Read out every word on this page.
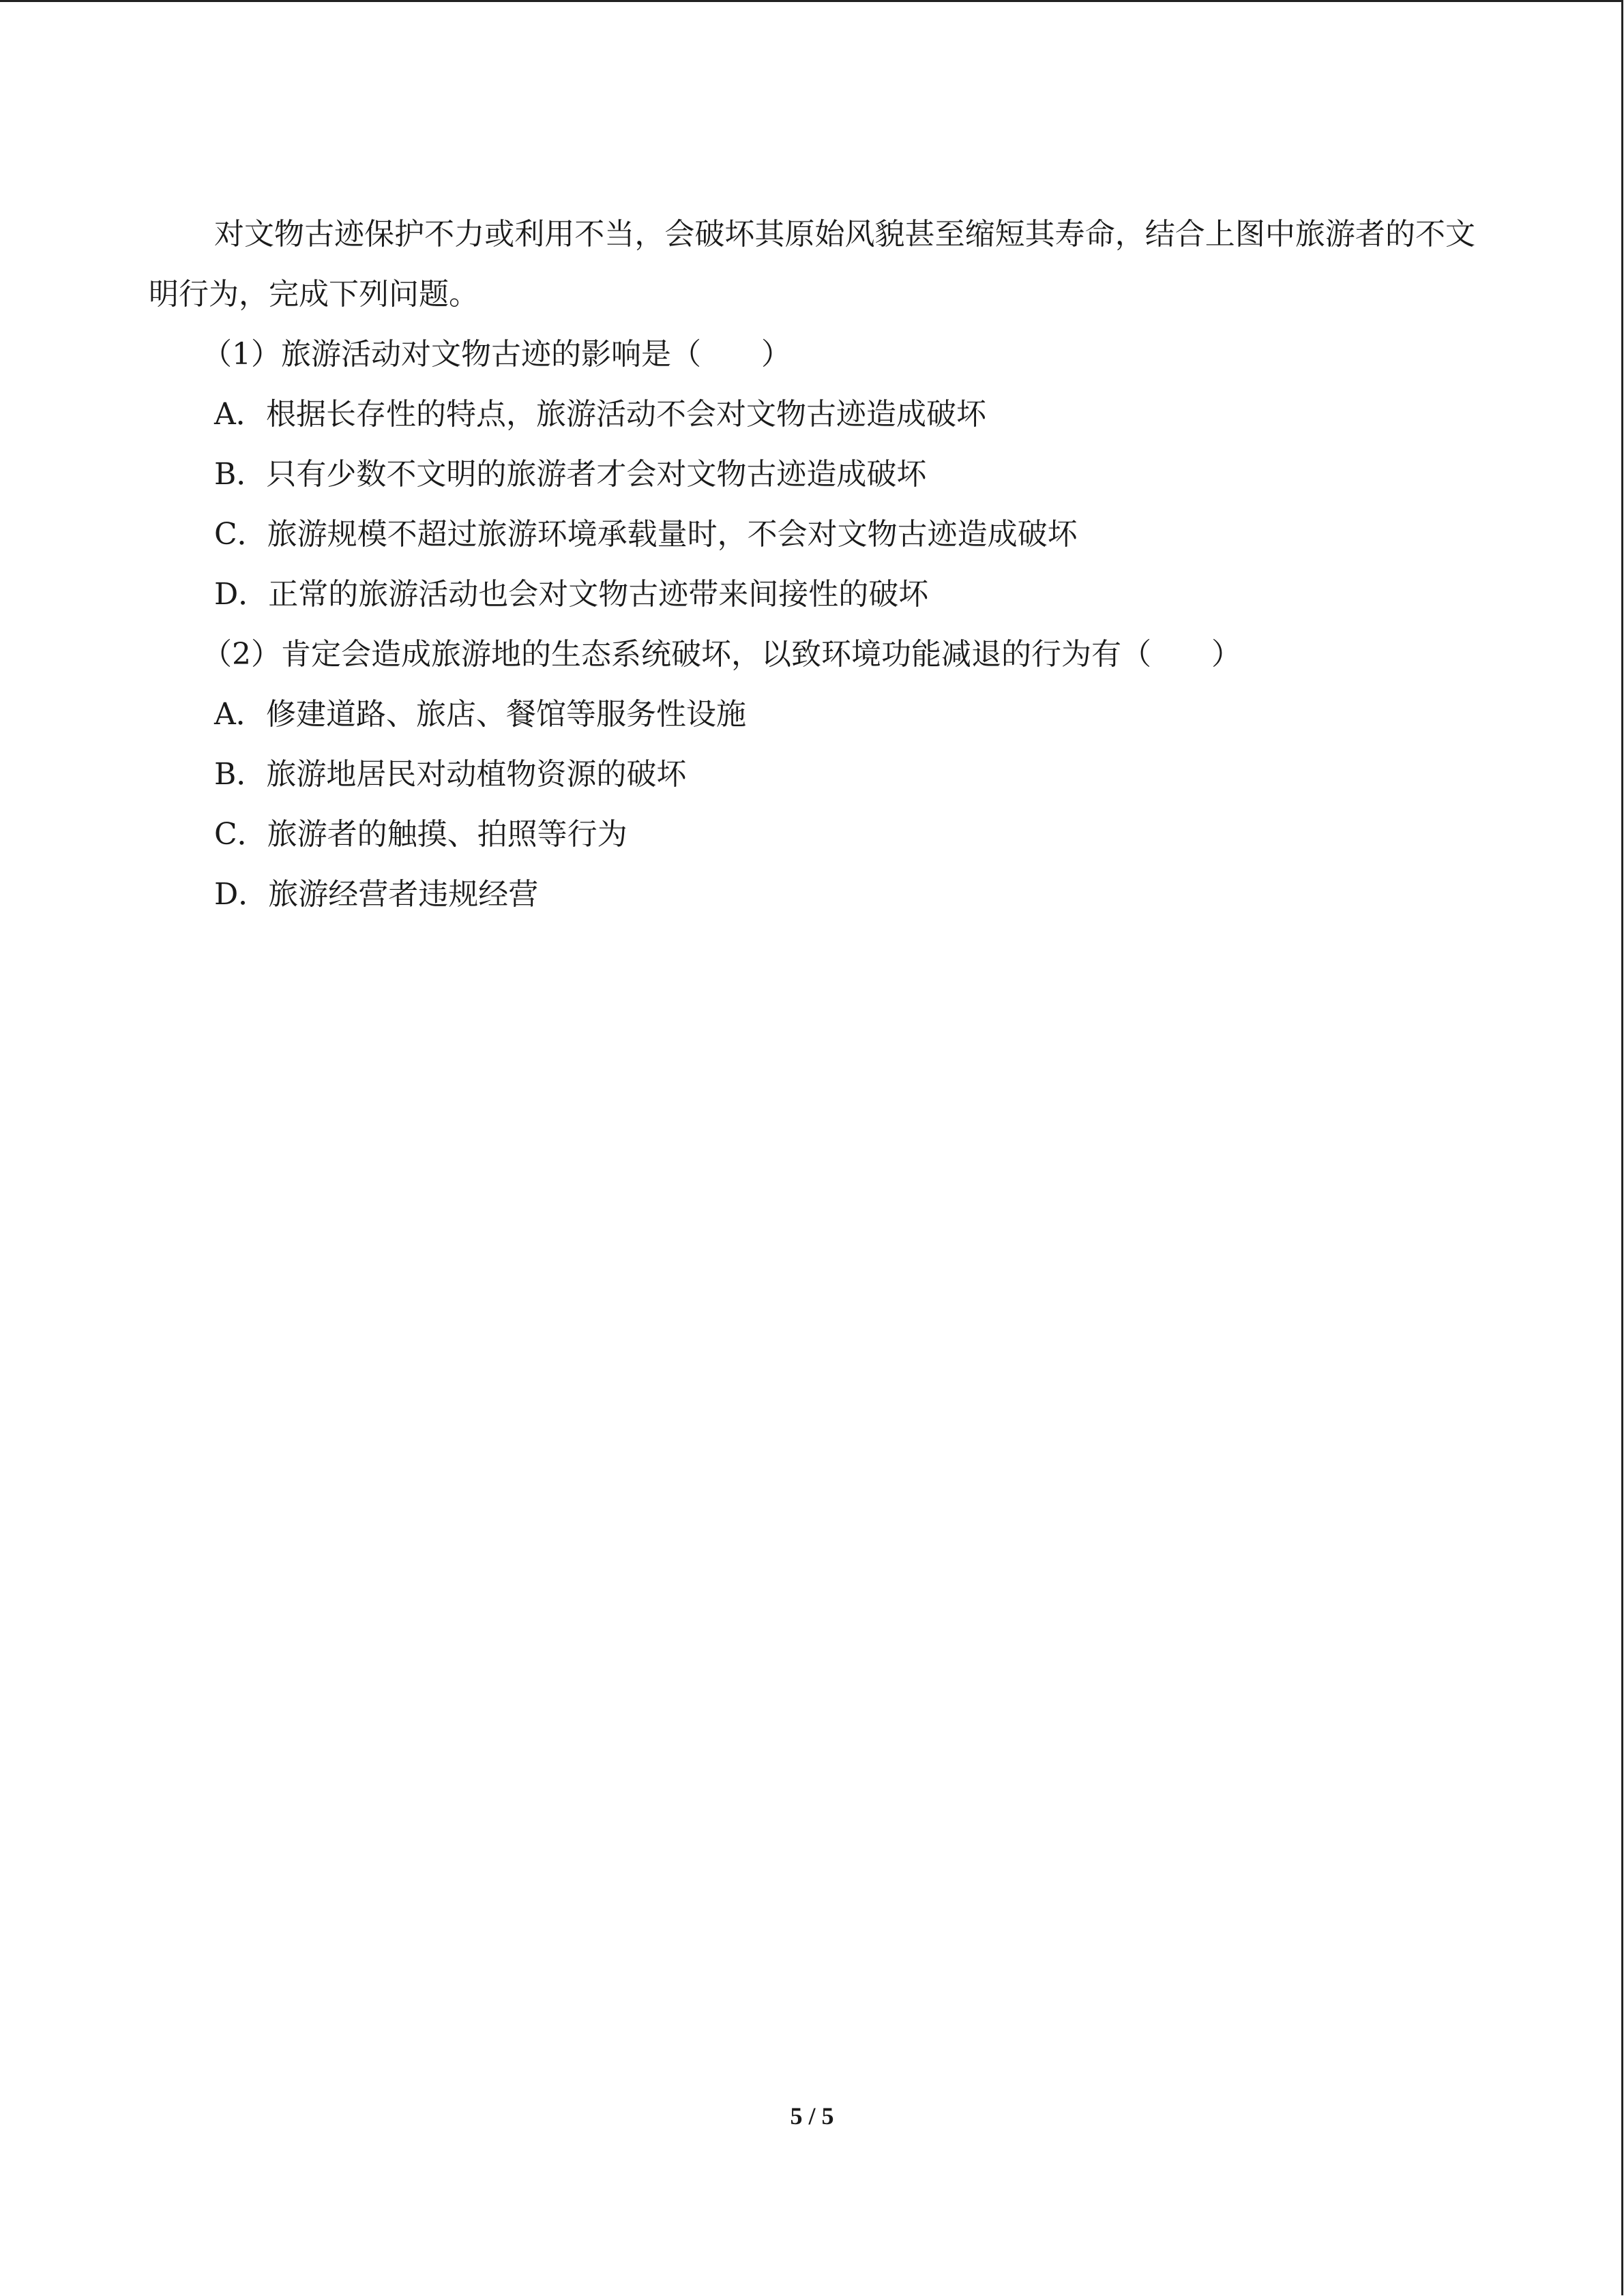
对文物古迹保护不力或利用不当，会破坏其原始风貌甚至缩短其寿命，结合上图中旅游者的不文明行为，完成下列问题。

（1）旅游活动对文物古迹的影响是（　　）

A．根据长存性的特点，旅游活动不会对文物古迹造成破坏

B．只有少数不文明的旅游者才会对文物古迹造成破坏

C．旅游规模不超过旅游环境承载量时，不会对文物古迹造成破坏

D．正常的旅游活动也会对文物古迹带来间接性的破坏

（2）肯定会造成旅游地的生态系统破坏，以致环境功能减退的行为有（　　）

A．修建道路、旅店、餐馆等服务性设施

B．旅游地居民对动植物资源的破坏

C．旅游者的触摸、拍照等行为

D．旅游经营者违规经营

5 / 5
